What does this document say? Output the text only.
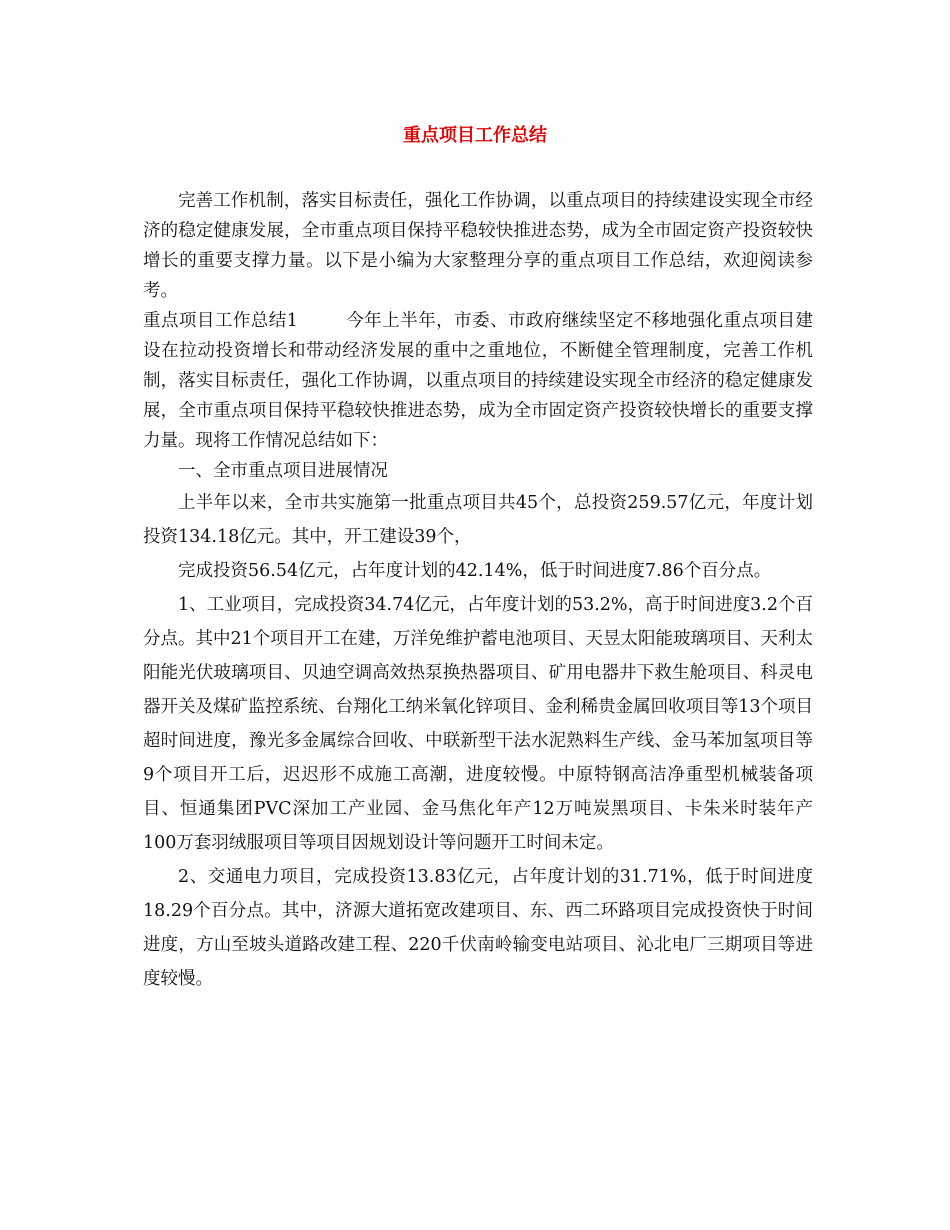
重点项目工作总结

完善工作机制，落实目标责任，强化工作协调，以重点项目的持续建设实现全市经济的稳定健康发展，全市重点项目保持平稳较快推进态势，成为全市固定资产投资较快增长的重要支撑力量。以下是小编为大家整理分享的重点项目工作总结，欢迎阅读参考。

重点项目工作总结1	今年上半年，市委、市政府继续坚定不移地强化重点项目建设在拉动投资增长和带动经济发展的重中之重地位，不断健全管理制度，完善工作机制，落实目标责任，强化工作协调，以重点项目的持续建设实现全市经济的稳定健康发展，全市重点项目保持平稳较快推进态势，成为全市固定资产投资较快增长的重要支撑力量。现将工作情况总结如下：

一、全市重点项目进展情况

上半年以来，全市共实施第一批重点项目共45个，总投资259.57亿元，年度计划投资134.18亿元。其中，开工建设39个，

完成投资56.54亿元，占年度计划的42.14%，低于时间进度7.86个百分点。

1、工业项目，完成投资34.74亿元，占年度计划的53.2%，高于时间进度3.2个百分点。其中21个项目开工在建，万洋免维护蓄电池项目、天昱太阳能玻璃项目、天利太阳能光伏玻璃项目、贝迪空调高效热泵换热器项目、矿用电器井下救生舱项目、科灵电器开关及煤矿监控系统、台翔化工纳米氧化锌项目、金利稀贵金属回收项目等13个项目超时间进度，豫光多金属综合回收、中联新型干法水泥熟料生产线、金马苯加氢项目等9个项目开工后，迟迟形不成施工高潮，进度较慢。中原特钢高洁净重型机械装备项目、恒通集团PVC深加工产业园、金马焦化年产12万吨炭黑项目、卡朱米时装年产100万套羽绒服项目等项目因规划设计等问题开工时间未定。

2、交通电力项目，完成投资13.83亿元，占年度计划的31.71%，低于时间进度18.29个百分点。其中，济源大道拓宽改建项目、东、西二环路项目完成投资快于时间进度，方山至坡头道路改建工程、220千伏南岭输变电站项目、沁北电厂三期项目等进度较慢。
